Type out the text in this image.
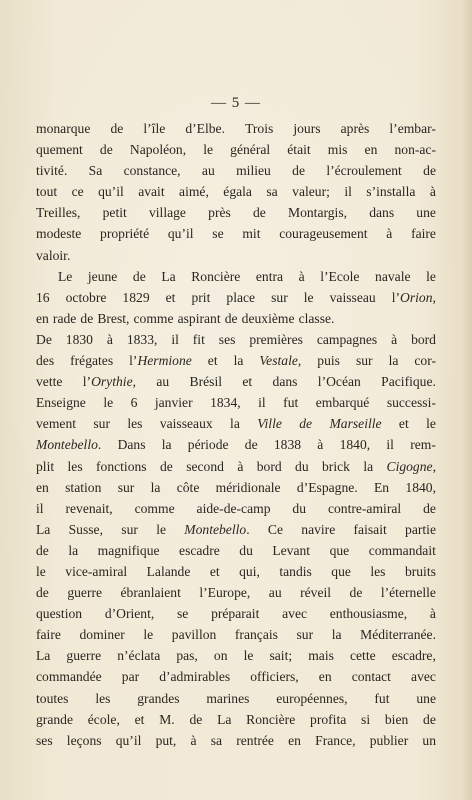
— 5 —
monarque de l’île d’Elbe. Trois jours après l’embar-
quement de Napoléon, le général était mis en non-ac-
tivité. Sa constance, au milieu de l’écroulement de
tout ce qu’il avait aimé, égala sa valeur; il s’installa à
Treilles, petit village près de Montargis, dans une
modeste propriété qu’il se mit courageusement à faire
valoir.
Le jeune de La Roncière entra à l’Ecole navale le
16 octobre 1829 et prit place sur le vaisseau l’Orion,
en rade de Brest, comme aspirant de deuxième classe.
De 1830 à 1833, il fit ses premières campagnes à bord
des frégates l’Hermione et la Vestale, puis sur la cor-
vette l’Orythie, au Brésil et dans l’Océan Pacifique.
Enseigne le 6 janvier 1834, il fut embarqué successi-
vement sur les vaisseaux la Ville de Marseille et le
Montebello. Dans la période de 1838 à 1840, il rem-
plit les fonctions de second à bord du brick la Cigogne,
en station sur la côte méridionale d’Espagne. En 1840,
il revenait, comme aide-de-camp du contre-amiral de
La Susse, sur le Montebello. Ce navire faisait partie
de la magnifique escadre du Levant que commandait
le vice-amiral Lalande et qui, tandis que les bruits
de guerre ébranlaient l’Europe, au réveil de l’éternelle
question d’Orient, se préparait avec enthousiasme, à
faire dominer le pavillon français sur la Méditerranée.
La guerre n’éclata pas, on le sait; mais cette escadre,
commandée par d’admirables officiers, en contact avec
toutes les grandes marines européennes, fut une
grande école, et M. de La Roncière profita si bien de
ses leçons qu’il put, à sa rentrée en France, publier un
